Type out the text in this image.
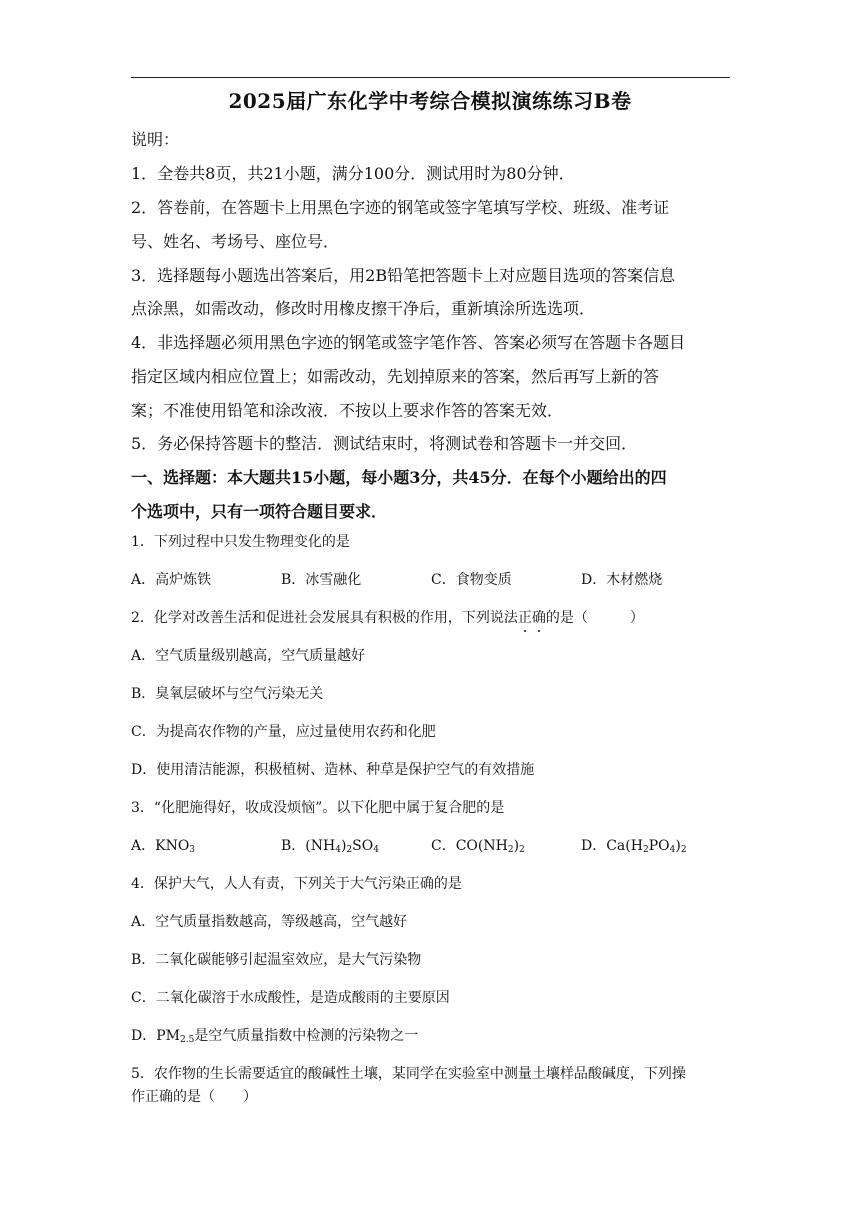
2025届广东化学中考综合模拟演练练习B卷
说明：
1．全卷共8页，共21小题，满分100分．测试用时为80分钟．
2．答卷前，在答题卡上用黑色字迹的钢笔或签字笔填写学校、班级、准考证
号、姓名、考场号、座位号．
3．选择题每小题选出答案后，用2B铅笔把答题卡上对应题目选项的答案信息
点涂黑，如需改动，修改时用橡皮擦干净后，重新填涂所选选项．
4．非选择题必须用黑色字迹的钢笔或签字笔作答、答案必须写在答题卡各题目
指定区域内相应位置上；如需改动，先划掉原来的答案，然后再写上新的答
案；不准使用铅笔和涂改液．不按以上要求作答的答案无效．
5．务必保持答题卡的整洁．测试结束时，将测试卷和答题卡一并交回．
一、选择题：本大题共15小题，每小题3分，共45分．在每个小题给出的四
个选项中，只有一项符合题目要求．
1．下列过程中只发生物理变化的是
A．高炉炼铁	B．冰雪融化	C．食物变质	D．木材燃烧
2．化学对改善生活和促进社会发展具有积极的作用，下列说法正确
的是（　　　）
A．空气质量级别越高，空气质量越好
B．臭氧层破坏与空气污染无关
C．为提高农作物的产量，应过量使用农药和化肥
D．使用清洁能源，积极植树、造林、种草是保护空气的有效措施
3．“化肥施得好，收成没烦恼”。以下化肥中属于复合肥的是
A．$KNO_3$	B．$(NH_4)_2SO_4$	C．$CO(NH_2)_2$	D．$Ca(H_2PO_4)_2$
4．保护大气，人人有责，下列关于大气污染正确的是
A．空气质量指数越高，等级越高，空气越好
B．二氧化碳能够引起温室效应，是大气污染物
C．二氧化碳溶于水成酸性，是造成酸雨的主要原因
D．$PM_{2.5}$是空气质量指数中检测的污染物之一
5．农作物的生长需要适宜的酸碱性土壤，某同学在实验室中测量土壤样品酸碱度，下列操
作正确的是（　　）
